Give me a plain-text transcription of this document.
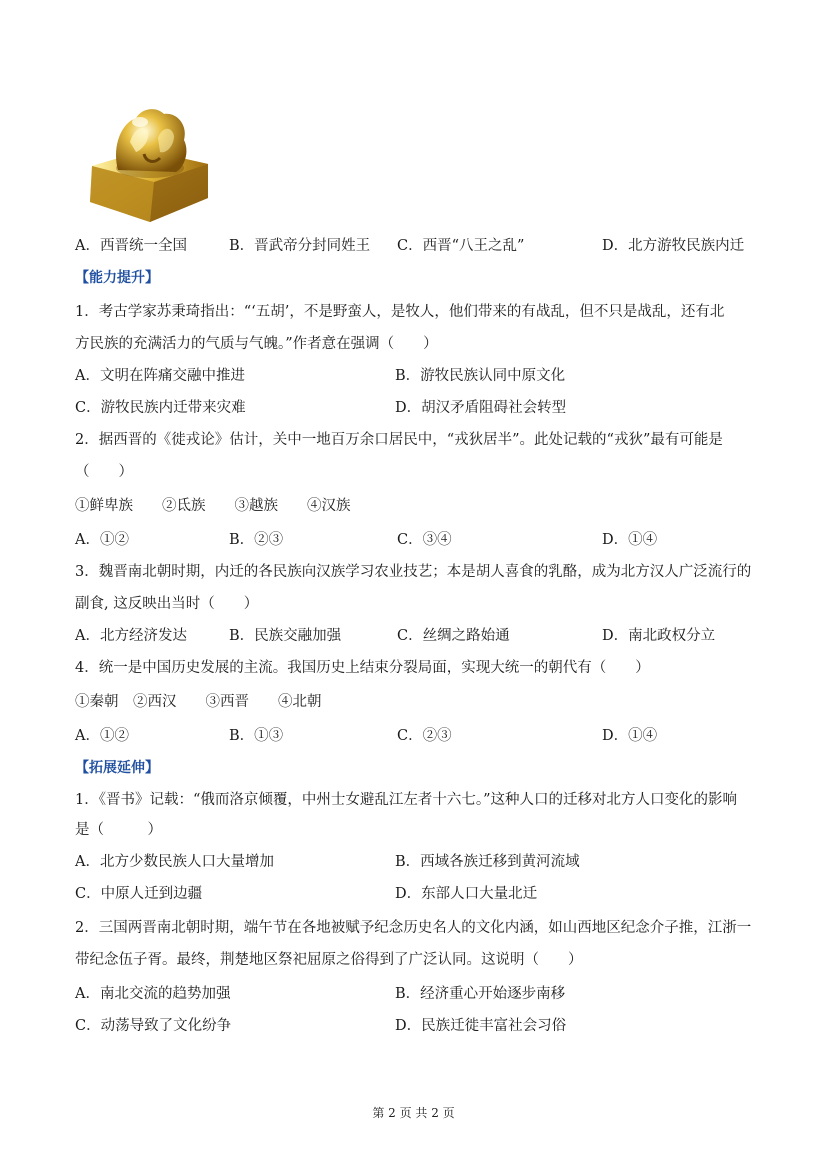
A．西晋统一全国	B．晋武帝分封同姓王	C．西晋“八王之乱”	D．北方游牧民族内迁
【能力提升】
1．考古学家苏秉琦指出：“‘五胡’，不是野蛮人，是牧人，他们带来的有战乱，但不只是战乱，还有北
方民族的充满活力的气质与气魄。”作者意在强调（　　）
A．文明在阵痛交融中推进	B．游牧民族认同中原文化
C．游牧民族内迁带来灾难	D．胡汉矛盾阻碍社会转型
2．据西晋的《徙戎论》估计，关中一地百万余口居民中，“戎狄居半”。此处记载的“戎狄”最有可能是
（　　）
①鲜卑族　　②氐族　　③越族　　④汉族
A．①②	B．②③	C．③④	D．①④
3．魏晋南北朝时期，内迁的各民族向汉族学习农业技艺；本是胡人喜食的乳酪，成为北方汉人广泛流行的
副食, 这反映出当时（　　）
A．北方经济发达	B．民族交融加强	C．丝绸之路始通	D．南北政权分立
4．统一是中国历史发展的主流。我国历史上结束分裂局面，实现大统一的朝代有（　　）
①秦朝　②西汉　　③西晋　　④北朝
A．①②	B．①③	C．②③	D．①④
【拓展延伸】
1．《晋书》记载：“俄而洛京倾覆，中州士女避乱江左者十六七。”这种人口的迁移对北方人口变化的影响
是（　　　）
A．北方少数民族人口大量增加	B．西域各族迁移到黄河流域
C．中原人迁到边疆	D．东部人口大量北迁
2．三国两晋南北朝时期，端午节在各地被赋予纪念历史名人的文化内涵，如山西地区纪念介子推，江浙一
带纪念伍子胥。最终，荆楚地区祭祀屈原之俗得到了广泛认同。这说明（　　）
A．南北交流的趋势加强	B．经济重心开始逐步南移
C．动荡导致了文化纷争	D．民族迁徙丰富社会习俗
第 2 页 共 2 页
